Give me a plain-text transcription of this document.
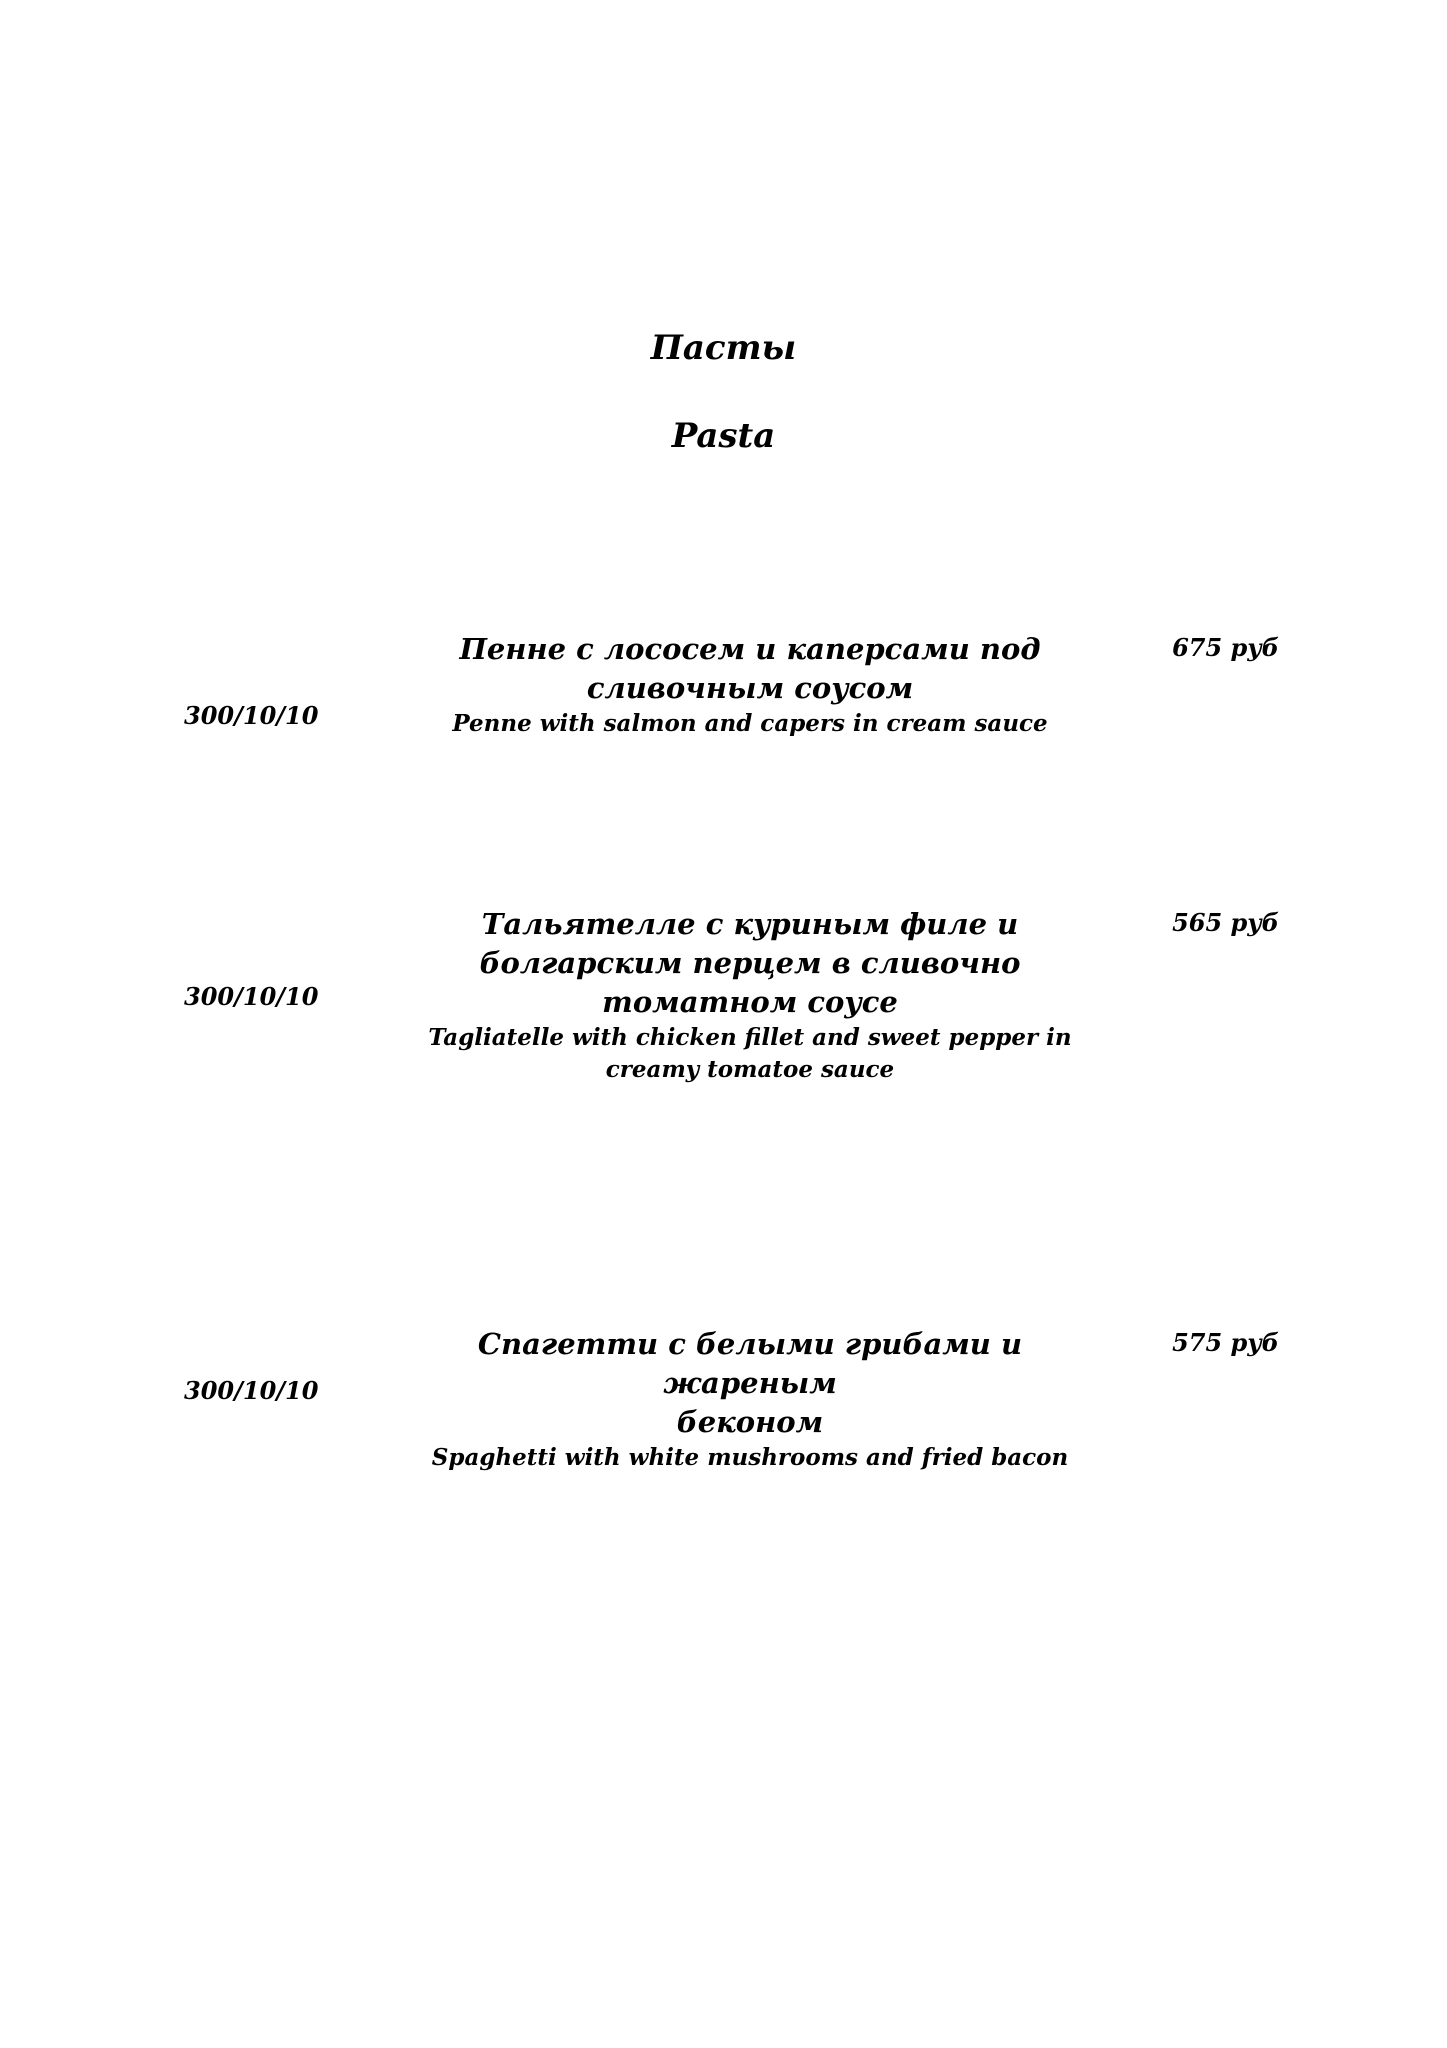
Пасты
Pasta
300/10/10
Пенне с лососем и каперсами под
сливочным соусом
Penne with salmon and capers in cream sauce
675 руб
300/10/10
Тальятелле с куриным филе и
болгарским перцем в сливочно
томатном соусе
Tagliatelle with chicken fillet and sweet pepper in
creamy tomatoe sauce
565 руб
300/10/10
Спагетти с белыми грибами и жареным
беконом
Spaghetti with white mushrooms and fried bacon
575 руб
